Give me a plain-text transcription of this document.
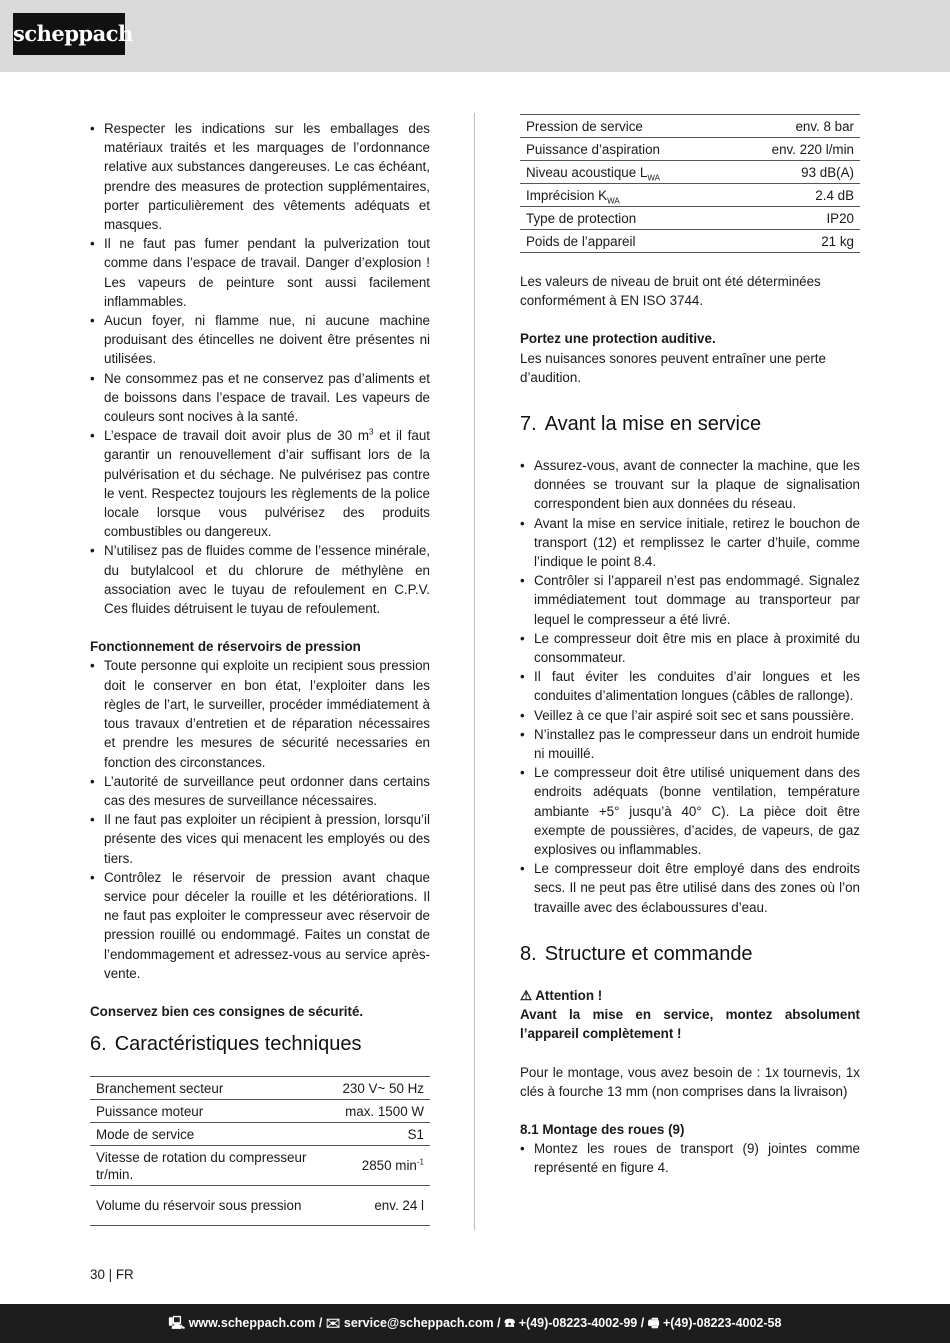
scheppach
• Respecter les indications sur les emballages des matériaux traités et les marquages de l’ordonnance relative aux substances dangereuses. Le cas échéant, prendre des measures de protection supplémentaires, porter particulièrement des vêtements adéquats et masques.
• Il ne faut pas fumer pendant la pulverization tout comme dans l’espace de travail. Danger d’explosion ! Les vapeurs de peinture sont aussi facilement inflammables.
• Aucun foyer, ni flamme nue, ni aucune machine produisant des étincelles ne doivent être présentes ni utilisées.
• Ne consommez pas et ne conservez pas d’aliments et de boissons dans l’espace de travail. Les vapeurs de couleurs sont nocives à la santé.
• L’espace de travail doit avoir plus de 30 $m^3$ et il faut garantir un renouvellement d’air suffisant lors de la pulvérisation et du séchage. Ne pulvérisez pas contre le vent. Respectez toujours les règlements de la police locale lorsque vous pulvérisez des produits combustibles ou dangereux.
• N’utilisez pas de fluides comme de l’essence minérale, du butylalcool et du chlorure de méthylène en association avec le tuyau de refoulement en C.P.V. Ces fluides détruisent le tuyau de refoulement.
Fonctionnement de réservoirs de pression
• Toute personne qui exploite un recipient sous pression doit le conserver en bon état, l’exploiter dans les règles de l’art, le surveiller, procéder immédiatement à tous travaux d’entretien et de réparation nécessaires et prendre les mesures de sécurité necessaries en fonction des circonstances.
• L’autorité de surveillance peut ordonner dans certains cas des mesures de surveillance nécessaires.
• Il ne faut pas exploiter un récipient à pression, lorsqu’il présente des vices qui menacent les employés ou des tiers.
• Contrôlez le réservoir de pression avant chaque service pour déceler la rouille et les détériorations. Il ne faut pas exploiter le compresseur avec réservoir de pression rouillé ou endommagé. Faites un constat de l’endommagement et adressez-vous au service après-vente.
Conservez bien ces consignes de sécurité.
6. Caractéristiques techniques
Branchement secteur	230 V~ 50 Hz
Puissance moteur	max. 1500 W
Mode de service	S1
Vitesse de rotation du compresseur tr/min.	2850 $\min^{-1}$
Volume du réservoir sous pression	env. 24 l
Pression de service	env. 8 bar
Puissance d’aspiration	env. 220 l/min
Niveau acoustique $L_{WA}$	93 dB(A)
Imprécision $K_{WA}$	2.4 dB
Type de protection	IP20
Poids de l’appareil	21 kg
Les valeurs de niveau de bruit ont été déterminées conformément à EN ISO 3744.
Portez une protection auditive.
Les nuisances sonores peuvent entraîner une perte d’audition.
7. Avant la mise en service
• Assurez-vous, avant de connecter la machine, que les données se trouvant sur la plaque de signalisation correspondent bien aux données du réseau.
• Avant la mise en service initiale, retirez le bouchon de transport (12) et remplissez le carter d’huile, comme l’indique le point 8.4.
• Contrôler si l’appareil n’est pas endommagé. Signalez immédiatement tout dommage au transporteur par lequel le compresseur a été livré.
• Le compresseur doit être mis en place à proximité du consommateur.
• Il faut éviter les conduites d’air longues et les conduites d’alimentation longues (câbles de rallonge).
• Veillez à ce que l’air aspiré soit sec et sans poussière.
• N’installez pas le compresseur dans un endroit humide ni mouillé.
• Le compresseur doit être utilisé uniquement dans des endroits adéquats (bonne ventilation, température ambiante +5° jusqu’à 40° C). La pièce doit être exempte de poussières, d’acides, de vapeurs, de gaz explosives ou inflammables.
• Le compresseur doit être employé dans des endroits secs. Il ne peut pas être utilisé dans des zones où l’on travaille avec des éclaboussures d’eau.
8. Structure et commande
⚠ Attention !
Avant la mise en service, montez absolument l’appareil complètement !
Pour le montage, vous avez besoin de : 1x tournevis, 1x clés à fourche 13 mm (non comprises dans la livraison)
8.1 Montage des roues (9)
• Montez les roues de transport (9) jointes comme représenté en figure 4.
30 | FR
🖳 www.scheppach.com / ✉ service@scheppach.com / ☎ +(49)-08223-4002-99 / 🖷 +(49)-08223-4002-58
